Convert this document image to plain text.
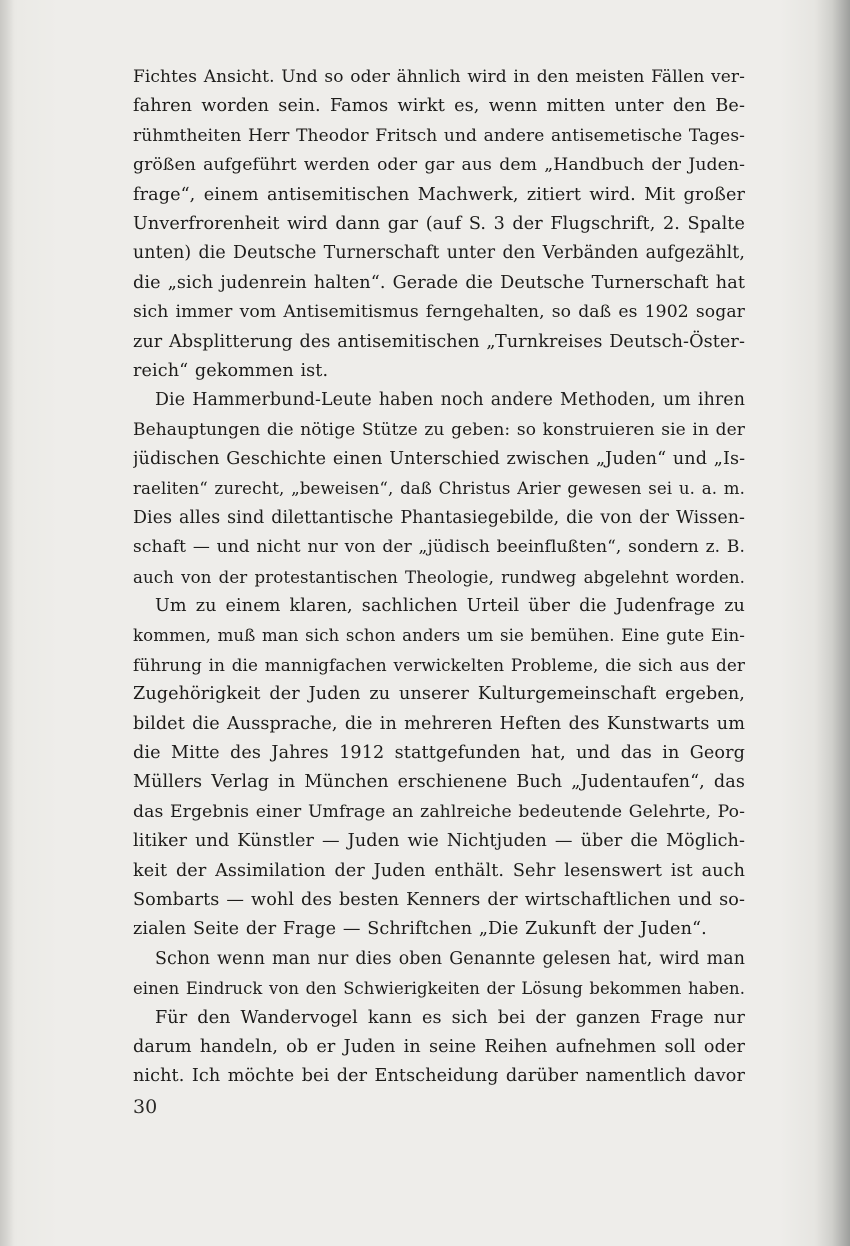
Fichtes Ansicht. Und so oder ähnlich wird in den meisten Fällen ver-
fahren worden sein. Famos wirkt es, wenn mitten unter den Be-
rühmtheiten Herr Theodor Fritsch und andere antisemetische Tages-
größen aufgeführt werden oder gar aus dem „Handbuch der Juden-
frage“, einem antisemitischen Machwerk, zitiert wird. Mit großer
Unverfrorenheit wird dann gar (auf S. 3 der Flugschrift, 2. Spalte
unten) die Deutsche Turnerschaft unter den Verbänden aufgezählt,
die „sich judenrein halten“. Gerade die Deutsche Turnerschaft hat
sich immer vom Antisemitismus ferngehalten, so daß es 1902 sogar
zur Absplitterung des antisemitischen „Turnkreises Deutsch-Öster-
reich“ gekommen ist.

Die Hammerbund-Leute haben noch andere Methoden, um ihren
Behauptungen die nötige Stütze zu geben: so konstruieren sie in der
jüdischen Geschichte einen Unterschied zwischen „Juden“ und „Is-
raeliten“ zurecht, „beweisen“, daß Christus Arier gewesen sei u. a. m.
Dies alles sind dilettantische Phantasiegebilde, die von der Wissen-
schaft — und nicht nur von der „jüdisch beeinflußten“, sondern z. B.
auch von der protestantischen Theologie, rundweg abgelehnt worden.

Um zu einem klaren, sachlichen Urteil über die Judenfrage zu
kommen, muß man sich schon anders um sie bemühen. Eine gute Ein-
führung in die mannigfachen verwickelten Probleme, die sich aus der
Zugehörigkeit der Juden zu unserer Kulturgemeinschaft ergeben,
bildet die Aussprache, die in mehreren Heften des Kunstwarts um
die Mitte des Jahres 1912 stattgefunden hat, und das in Georg
Müllers Verlag in München erschienene Buch „Judentaufen“, das
das Ergebnis einer Umfrage an zahlreiche bedeutende Gelehrte, Po-
litiker und Künstler — Juden wie Nichtjuden — über die Möglich-
keit der Assimilation der Juden enthält. Sehr lesenswert ist auch
Sombarts — wohl des besten Kenners der wirtschaftlichen und so-
zialen Seite der Frage — Schriftchen „Die Zukunft der Juden“.

Schon wenn man nur dies oben Genannte gelesen hat, wird man
einen Eindruck von den Schwierigkeiten der Lösung bekommen haben.

Für den Wandervogel kann es sich bei der ganzen Frage nur
darum handeln, ob er Juden in seine Reihen aufnehmen soll oder
nicht. Ich möchte bei der Entscheidung darüber namentlich davor

30
